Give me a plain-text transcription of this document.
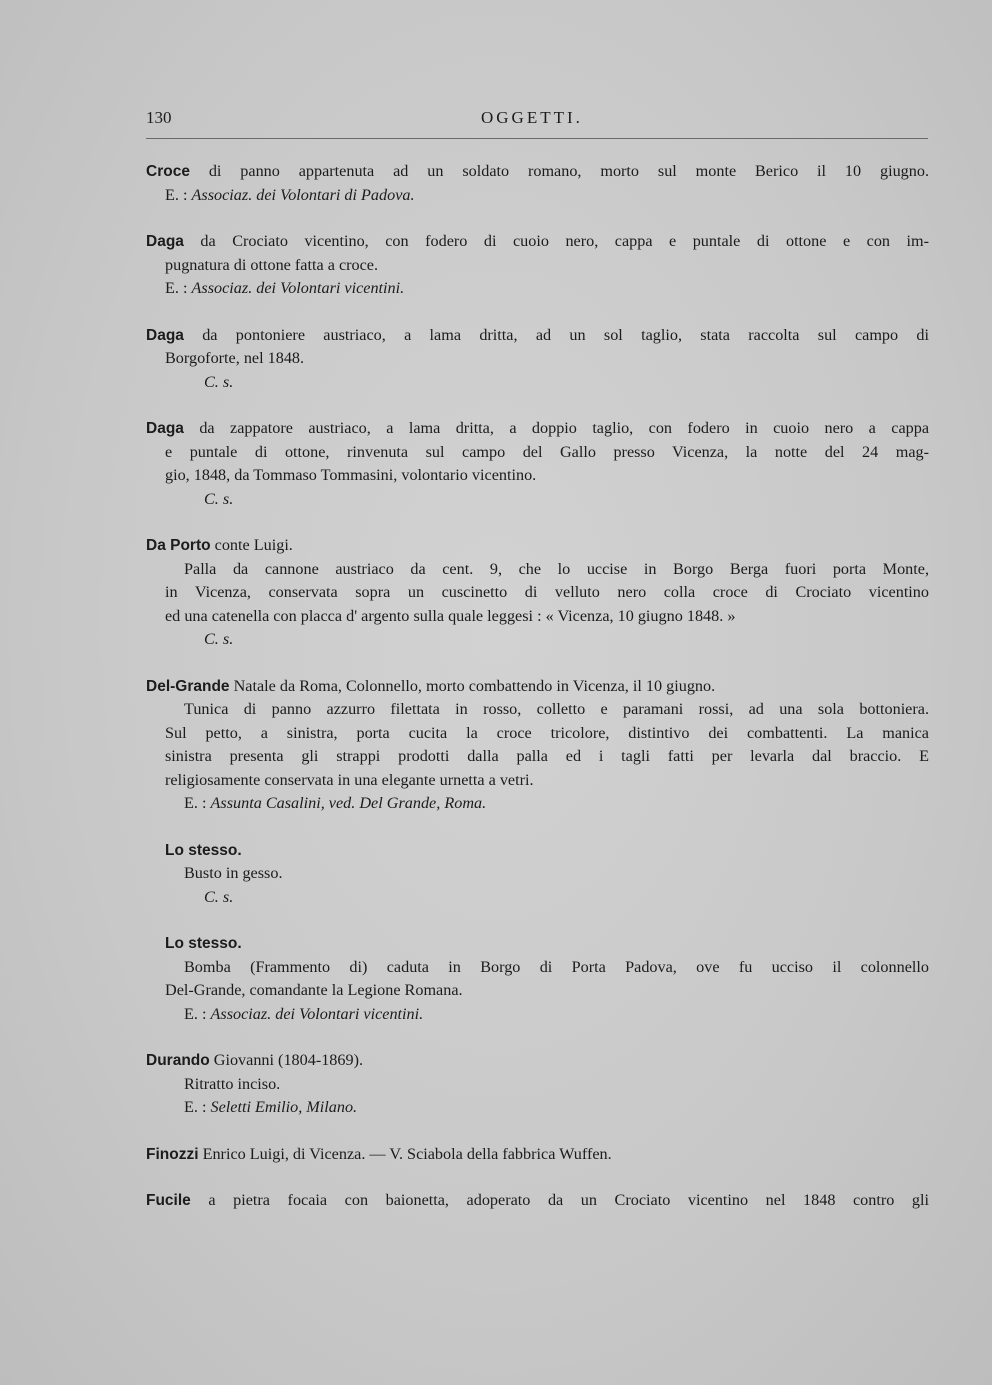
130	OGGETTI.

Croce di panno appartenuta ad un soldato romano, morto sul monte Berico il 10 giugno.
E. : Associaz. dei Volontari di Padova.

Daga da Crociato vicentino, con fodero di cuoio nero, cappa e puntale di ottone e con im-
pugnatura di ottone fatta a croce.
E. : Associaz. dei Volontari vicentini.

Daga da pontoniere austriaco, a lama dritta, ad un sol taglio, stata raccolta sul campo di
Borgoforte, nel 1848.
C. s.

Daga da zappatore austriaco, a lama dritta, a doppio taglio, con fodero in cuoio nero a cappa
e puntale di ottone, rinvenuta sul campo del Gallo presso Vicenza, la notte del 24 mag-
gio, 1848, da Tommaso Tommasini, volontario vicentino.
C. s.

Da Porto conte Luigi.
Palla da cannone austriaco da cent. 9, che lo uccise in Borgo Berga fuori porta Monte,
in Vicenza, conservata sopra un cuscinetto di velluto nero colla croce di Crociato vicentino
ed una catenella con placca d' argento sulla quale leggesi : « Vicenza, 10 giugno 1848. »
C. s.

Del-Grande Natale da Roma, Colonnello, morto combattendo in Vicenza, il 10 giugno.
Tunica di panno azzurro filettata in rosso, colletto e paramani rossi, ad una sola bottoniera.
Sul petto, a sinistra, porta cucita la croce tricolore, distintivo dei combattenti. La manica
sinistra presenta gli strappi prodotti dalla palla ed i tagli fatti per levarla dal braccio. E
religiosamente conservata in una elegante urnetta a vetri.
E. : Assunta Casalini, ved. Del Grande, Roma.

Lo stesso.
Busto in gesso.
C. s.

Lo stesso.
Bomba (Frammento di) caduta in Borgo di Porta Padova, ove fu ucciso il colonnello
Del-Grande, comandante la Legione Romana.
E. : Associaz. dei Volontari vicentini.

Durando Giovanni (1804-1869).
Ritratto inciso.
E. : Seletti Emilio, Milano.

Finozzi Enrico Luigi, di Vicenza. — V. Sciabola della fabbrica Wuffen.

Fucile a pietra focaia con baionetta, adoperato da un Crociato vicentino nel 1848 contro gli
